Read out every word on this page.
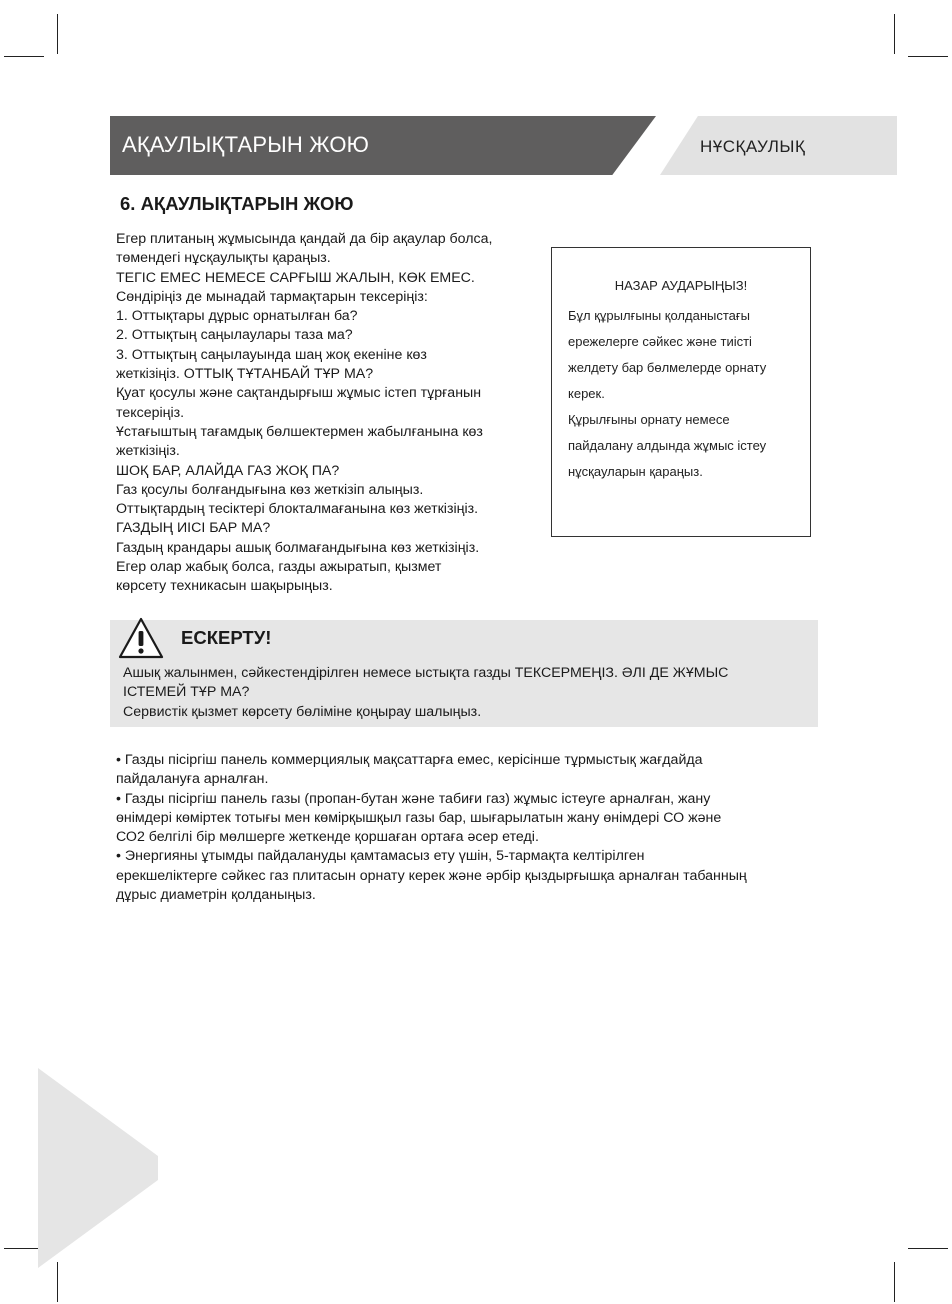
АҚАУЛЫҚТАРЫН ЖОЮ	НҰСҚАУЛЫҚ
6. АҚАУЛЫҚТАРЫН ЖОЮ
Егер плитаның жұмысында қандай да бір ақаулар болса,
төмендегі нұсқаулықты қараңыз.
ТЕГІС ЕМЕС НЕМЕСЕ САРҒЫШ ЖАЛЫН, КӨК ЕМЕС.
Сөндіріңіз де мынадай тармақтарын тексеріңіз:
1. Оттықтары дұрыс орнатылған ба?
2. Оттықтың саңылаулары таза ма?
3. Оттықтың саңылауында шаң жоқ екеніне көз
жеткізіңіз. ОТТЫҚ ТҰТАНБАЙ ТҰР МА?
Қуат қосулы және сақтандырғыш жұмыс істеп тұрғанын
тексеріңіз.
Ұстағыштың тағамдық бөлшектермен жабылғанына көз
жеткізіңіз.
ШОҚ БАР, АЛАЙДА ГАЗ ЖОҚ ПА?
Газ қосулы болғандығына көз жеткізіп алыңыз.
Оттықтардың тесіктері блокталмағанына көз жеткізіңіз.
ГАЗДЫҢ ИІСІ БАР МА?
Газдың крандары ашық болмағандығына көз жеткізіңіз.
Егер олар жабық болса, газды ажыратып, қызмет
көрсету техникасын шақырыңыз.
НАЗАР АУДАРЫҢЫЗ!
Бұл құрылғыны қолданыстағы
ережелерге сәйкес және тиісті
желдету бар бөлмелерде орнату
керек.
Құрылғыны орнату немесе
пайдалану алдында жұмыс істеу
нұсқауларын қараңыз.
ЕСКЕРТУ!
Ашық жалынмен, сәйкестендірілген немесе ыстықта газды ТЕКСЕРМЕҢІЗ. ӘЛІ ДЕ ЖҰМЫС
ІСТЕМЕЙ ТҰР МА?
Сервистік қызмет көрсету бөліміне қоңырау шалыңыз.
• Газды пісіргіш панель коммерциялық мақсаттарға емес, керісінше тұрмыстық жағдайда
пайдалануға арналған.
• Газды пісіргіш панель газы (пропан-бутан және табиғи газ) жұмыс істеуге арналған, жану
өнімдері көміртек тотығы мен көмірқышқыл газы бар, шығарылатын жану өнімдері СО және
СО2 белгілі бір мөлшерге жеткенде қоршаған ортаға әсер етеді.
• Энергияны ұтымды пайдалануды қамтамасыз ету үшін, 5-тармақта келтірілген
ерекшеліктерге сәйкес газ плитасын орнату керек және әрбір қыздырғышқа арналған табанның
дұрыс диаметрін қолданыңыз.
